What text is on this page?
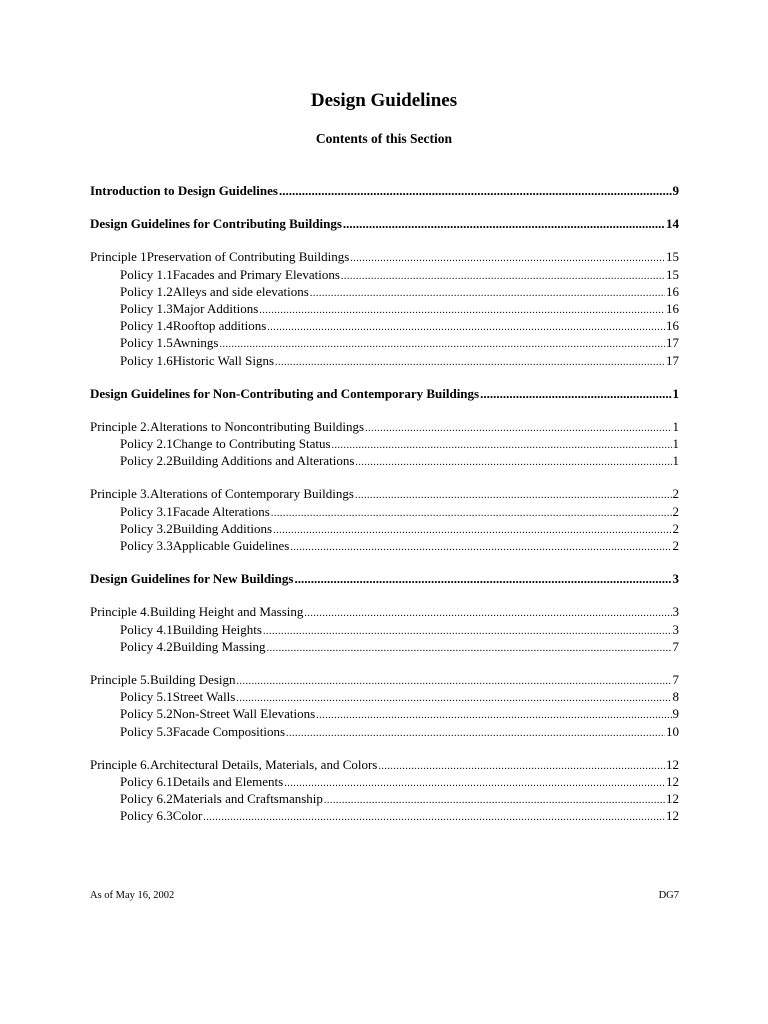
Design Guidelines
Contents of this Section
Introduction to Design Guidelines .....	9
Design Guidelines for Contributing Buildings .....	14
Principle 1 Preservation of Contributing Buildings .....	15
Policy 1.1 Facades and Primary Elevations .....	15
Policy 1.2 Alleys and side elevations .....	16
Policy 1.3 Major Additions .....	16
Policy 1.4 Rooftop additions .....	16
Policy 1.5 Awnings .....	17
Policy 1.6 Historic Wall Signs .....	17
Design Guidelines for Non-Contributing and Contemporary Buildings .....	1
Principle 2. Alterations to Noncontributing Buildings .....	1
Policy 2.1 Change to Contributing Status .....	1
Policy 2.2 Building Additions and Alterations .....	1
Principle 3. Alterations of Contemporary Buildings .....	2
Policy 3.1 Facade Alterations .....	2
Policy 3.2 Building Additions .....	2
Policy 3.3 Applicable Guidelines .....	2
Design Guidelines for New Buildings .....	3
Principle 4. Building Height and Massing .....	3
Policy 4.1 Building Heights .....	3
Policy 4.2 Building Massing .....	7
Principle 5. Building Design .....	7
Policy 5.1 Street Walls .....	8
Policy 5.2 Non-Street Wall Elevations .....	9
Policy 5.3 Facade Compositions .....	10
Principle 6. Architectural Details, Materials, and Colors .....	12
Policy 6.1 Details and Elements .....	12
Policy 6.2 Materials and Craftsmanship .....	12
Policy 6.3 Color .....	12
As of May 16, 2002	DG7
